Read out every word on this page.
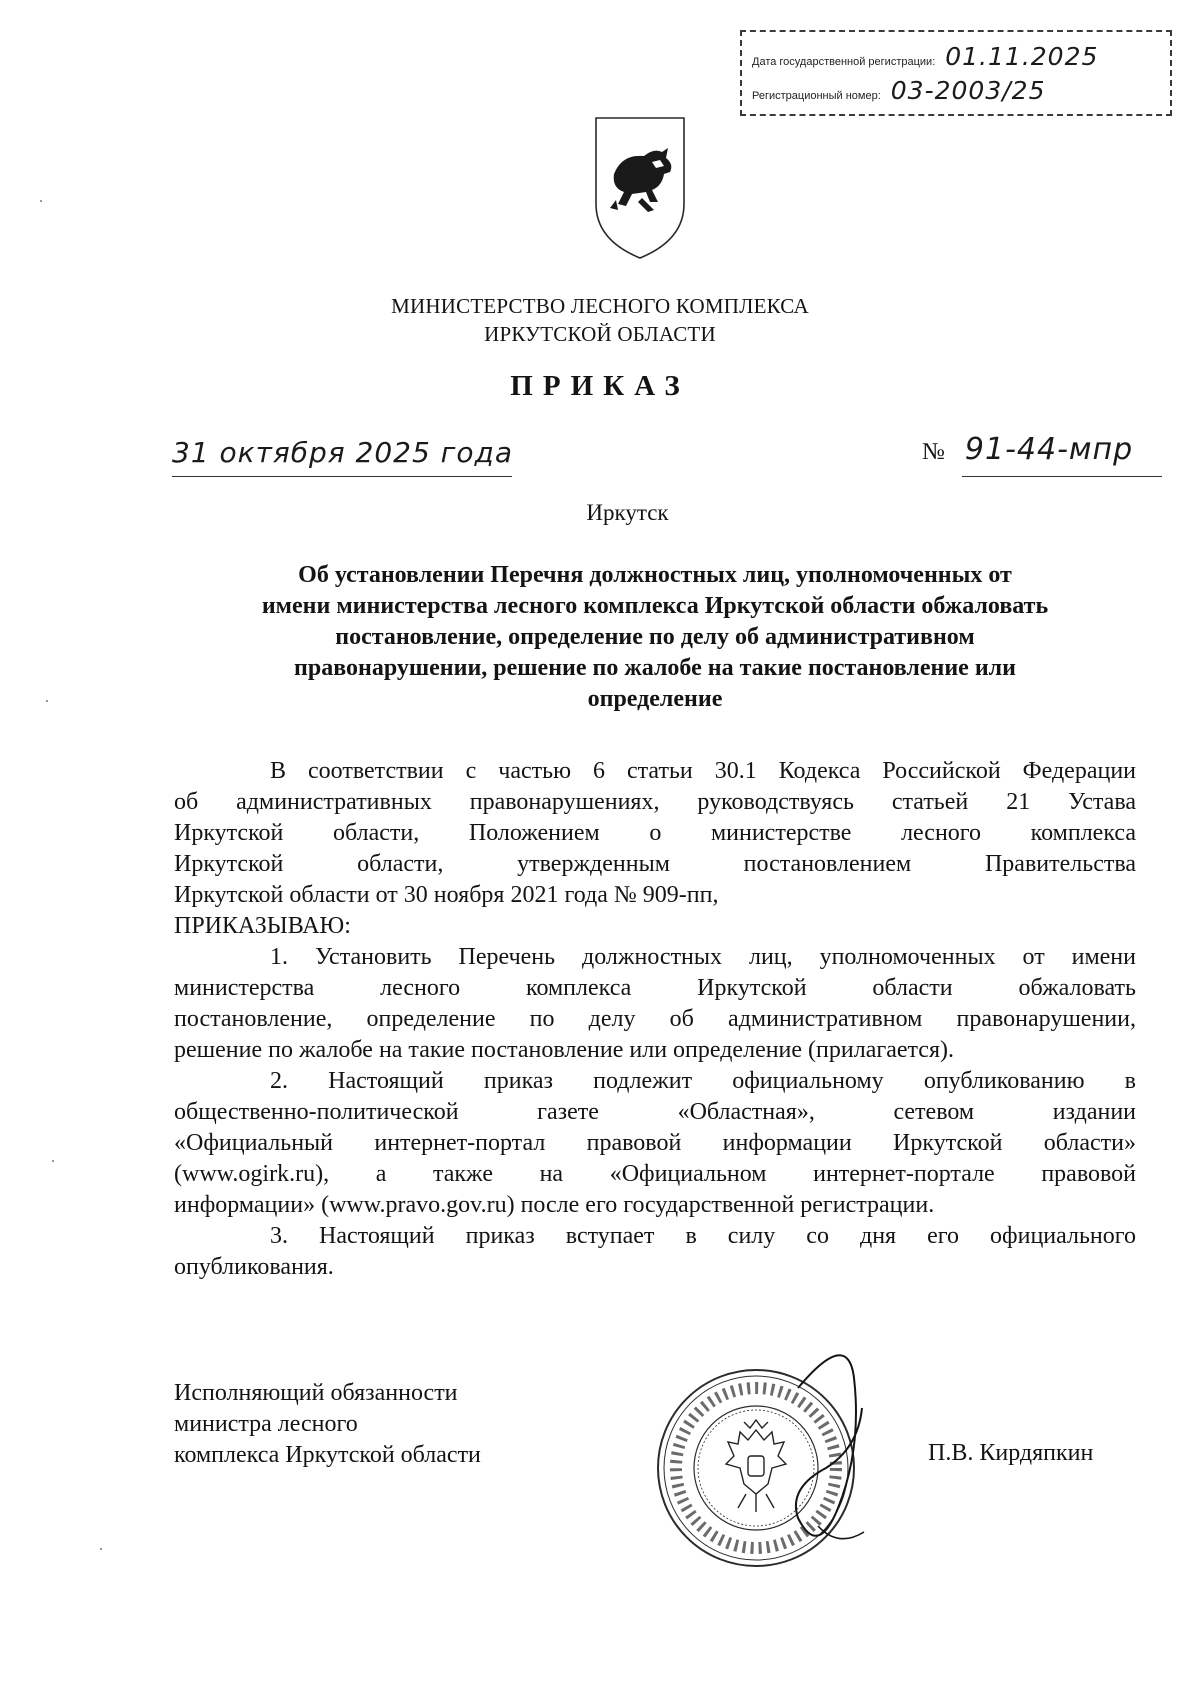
Дата государственной регистрации: 01.11.2025
Регистрационный номер: 03-2003/25
МИНИСТЕРСТВО ЛЕСНОГО КОМПЛЕКСА
ИРКУТСКОЙ ОБЛАСТИ
ПРИКАЗ
31 октября 2025 года	№ 91-44-мпр
Иркутск
Об установлении Перечня должностных лиц, уполномоченных от
имени министерства лесного комплекса Иркутской области обжаловать
постановление, определение по делу об административном
правонарушении, решение по жалобе на такие постановление или
определение
В соответствии с частью 6 статьи 30.1 Кодекса Российской Федерации
об административных правонарушениях, руководствуясь статьей 21 Устава
Иркутской области, Положением о министерстве лесного комплекса
Иркутской области, утвержденным постановлением Правительства
Иркутской области от 30 ноября 2021 года № 909-пп,
ПРИКАЗЫВАЮ:
1. Установить Перечень должностных лиц, уполномоченных от имени
министерства лесного комплекса Иркутской области обжаловать
постановление, определение по делу об административном правонарушении,
решение по жалобе на такие постановление или определение (прилагается).
2. Настоящий приказ подлежит официальному опубликованию в
общественно-политической газете «Областная», сетевом издании
«Официальный интернет-портал правовой информации Иркутской области»
(www.ogirk.ru), а также на «Официальном интернет-портале правовой
информации» (www.pravo.gov.ru) после его государственной регистрации.
3. Настоящий приказ вступает в силу со дня его официального
опубликования.
Исполняющий обязанности
министра лесного
комплекса Иркутской области	П.В. Кирдяпкин
